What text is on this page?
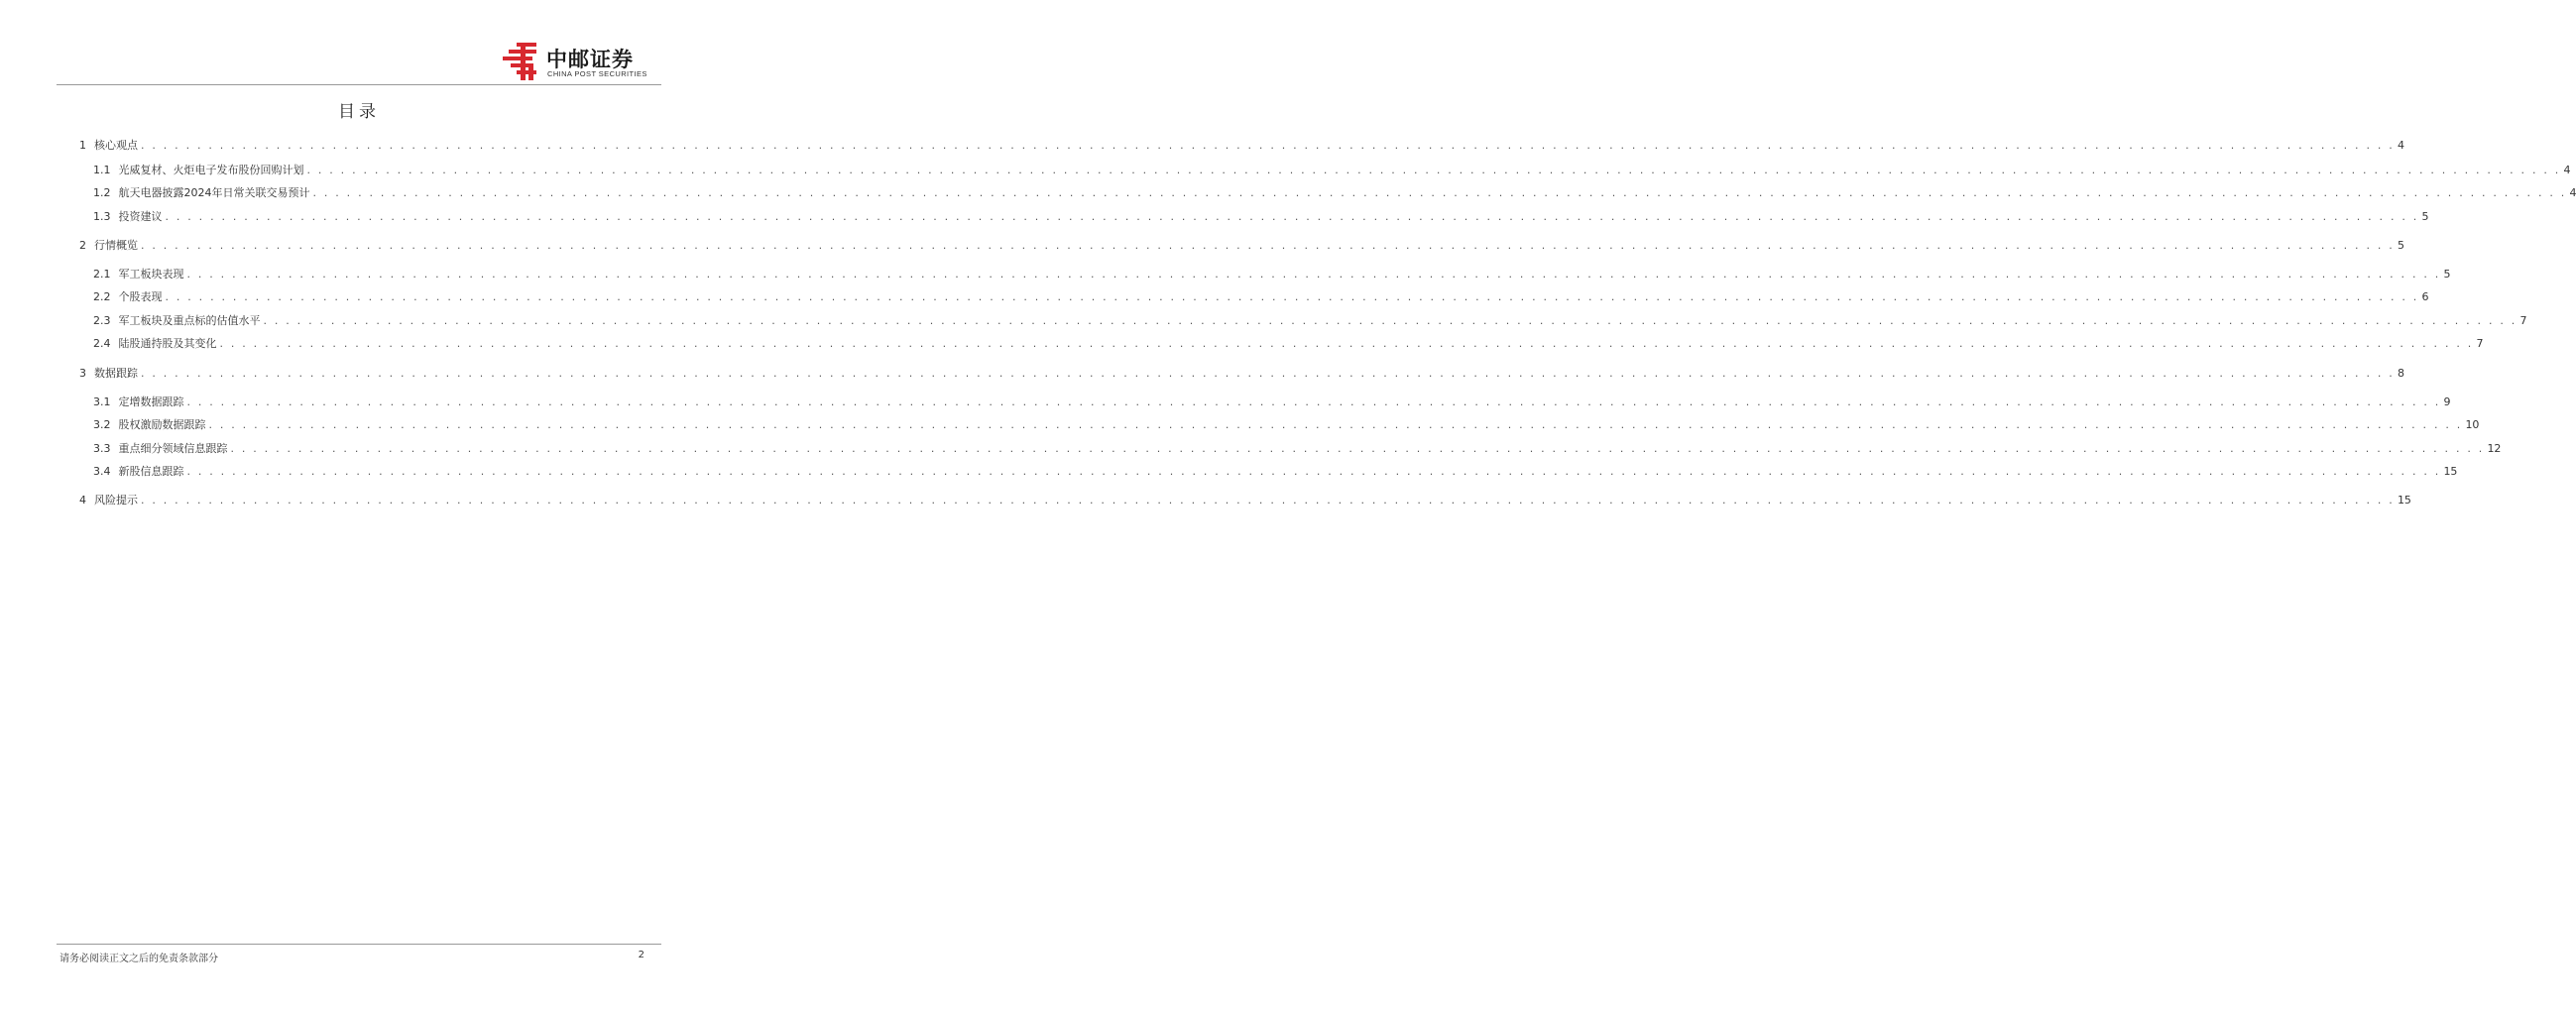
中邮证券
CHINA POST SECURITIES
目录
1 核心观点 . . . . . . . . . . . . . . . . . . . . . . . . . . . . . . . . . . . . . . . . . . . . . . . . . . . . . . . . . . . . . . . . . . . . . . . . . . . . . . . . . . . . . . . . . . . . . . . . . . . . . . . . . . . . . . . . . . . . . . . . . . . . . . . . . . . . . . . . . . . . . . . . . . . . . . . . . . . . . . . . . . . . . . . . . . . . . . . . . . . . . . . . . . . . . . . . . . . . . . . . 4
1.1 光威复材、火炬电子发布股份回购计划 . . . . . . . . . . . . . . . . . . . . . . . . . . . . . . . . . . . . . . . . . . . . . . . . . . . . . . . . . . . . . . . . . . . . . . . . . . . . . . . . . . . . . . . . . . . . . . . . . . . . . . . . . . . . . . . . . . . . . . . . . . . . . . . . . . . . . . . . . . . . . . . . . . . . . . . . . . . . . . . . . . . . . . . . . . . . . . . . . . . . . . . . . . . . . . . . . . . . . . . . 4
1.2 航天电器披露2024年日常关联交易预计 . . . . . . . . . . . . . . . . . . . . . . . . . . . . . . . . . . . . . . . . . . . . . . . . . . . . . . . . . . . . . . . . . . . . . . . . . . . . . . . . . . . . . . . . . . . . . . . . . . . . . . . . . . . . . . . . . . . . . . . . . . . . . . . . . . . . . . . . . . . . . . . . . . . . . . . . . . . . . . . . . . . . . . . . . . . . . . . . . . . . . . . . . . . . . . . . . . . . . . . . 4
1.3 投资建议 . . . . . . . . . . . . . . . . . . . . . . . . . . . . . . . . . . . . . . . . . . . . . . . . . . . . . . . . . . . . . . . . . . . . . . . . . . . . . . . . . . . . . . . . . . . . . . . . . . . . . . . . . . . . . . . . . . . . . . . . . . . . . . . . . . . . . . . . . . . . . . . . . . . . . . . . . . . . . . . . . . . . . . . . . . . . . . . . . . . . . . . . . . . . . . . . . . . . . . . . 5
2 行情概览 . . . . . . . . . . . . . . . . . . . . . . . . . . . . . . . . . . . . . . . . . . . . . . . . . . . . . . . . . . . . . . . . . . . . . . . . . . . . . . . . . . . . . . . . . . . . . . . . . . . . . . . . . . . . . . . . . . . . . . . . . . . . . . . . . . . . . . . . . . . . . . . . . . . . . . . . . . . . . . . . . . . . . . . . . . . . . . . . . . . . . . . . . . . . . . . . . . . . . . . . 5
2.1 军工板块表现 . . . . . . . . . . . . . . . . . . . . . . . . . . . . . . . . . . . . . . . . . . . . . . . . . . . . . . . . . . . . . . . . . . . . . . . . . . . . . . . . . . . . . . . . . . . . . . . . . . . . . . . . . . . . . . . . . . . . . . . . . . . . . . . . . . . . . . . . . . . . . . . . . . . . . . . . . . . . . . . . . . . . . . . . . . . . . . . . . . . . . . . . . . . . . . . . . . . . . . . . 5
2.2 个股表现 . . . . . . . . . . . . . . . . . . . . . . . . . . . . . . . . . . . . . . . . . . . . . . . . . . . . . . . . . . . . . . . . . . . . . . . . . . . . . . . . . . . . . . . . . . . . . . . . . . . . . . . . . . . . . . . . . . . . . . . . . . . . . . . . . . . . . . . . . . . . . . . . . . . . . . . . . . . . . . . . . . . . . . . . . . . . . . . . . . . . . . . . . . . . . . . . . . . . . . . . 6
2.3 军工板块及重点标的估值水平 . . . . . . . . . . . . . . . . . . . . . . . . . . . . . . . . . . . . . . . . . . . . . . . . . . . . . . . . . . . . . . . . . . . . . . . . . . . . . . . . . . . . . . . . . . . . . . . . . . . . . . . . . . . . . . . . . . . . . . . . . . . . . . . . . . . . . . . . . . . . . . . . . . . . . . . . . . . . . . . . . . . . . . . . . . . . . . . . . . . . . . . . . . . . . . . . . . . . . . . . 7
2.4 陆股通持股及其变化 . . . . . . . . . . . . . . . . . . . . . . . . . . . . . . . . . . . . . . . . . . . . . . . . . . . . . . . . . . . . . . . . . . . . . . . . . . . . . . . . . . . . . . . . . . . . . . . . . . . . . . . . . . . . . . . . . . . . . . . . . . . . . . . . . . . . . . . . . . . . . . . . . . . . . . . . . . . . . . . . . . . . . . . . . . . . . . . . . . . . . . . . . . . . . . . . . . . . . . . . 7
3 数据跟踪 . . . . . . . . . . . . . . . . . . . . . . . . . . . . . . . . . . . . . . . . . . . . . . . . . . . . . . . . . . . . . . . . . . . . . . . . . . . . . . . . . . . . . . . . . . . . . . . . . . . . . . . . . . . . . . . . . . . . . . . . . . . . . . . . . . . . . . . . . . . . . . . . . . . . . . . . . . . . . . . . . . . . . . . . . . . . . . . . . . . . . . . . . . . . . . . . . . . . . . . . 8
3.1 定增数据跟踪 . . . . . . . . . . . . . . . . . . . . . . . . . . . . . . . . . . . . . . . . . . . . . . . . . . . . . . . . . . . . . . . . . . . . . . . . . . . . . . . . . . . . . . . . . . . . . . . . . . . . . . . . . . . . . . . . . . . . . . . . . . . . . . . . . . . . . . . . . . . . . . . . . . . . . . . . . . . . . . . . . . . . . . . . . . . . . . . . . . . . . . . . . . . . . . . . . . . . . . . . 9
3.2 股权激励数据跟踪 . . . . . . . . . . . . . . . . . . . . . . . . . . . . . . . . . . . . . . . . . . . . . . . . . . . . . . . . . . . . . . . . . . . . . . . . . . . . . . . . . . . . . . . . . . . . . . . . . . . . . . . . . . . . . . . . . . . . . . . . . . . . . . . . . . . . . . . . . . . . . . . . . . . . . . . . . . . . . . . . . . . . . . . . . . . . . . . . . . . . . . . . . . . . . . . . . . . . . . . . 10
3.3 重点细分领域信息跟踪 . . . . . . . . . . . . . . . . . . . . . . . . . . . . . . . . . . . . . . . . . . . . . . . . . . . . . . . . . . . . . . . . . . . . . . . . . . . . . . . . . . . . . . . . . . . . . . . . . . . . . . . . . . . . . . . . . . . . . . . . . . . . . . . . . . . . . . . . . . . . . . . . . . . . . . . . . . . . . . . . . . . . . . . . . . . . . . . . . . . . . . . . . . . . . . . . . . . . . . . . 12
3.4 新股信息跟踪 . . . . . . . . . . . . . . . . . . . . . . . . . . . . . . . . . . . . . . . . . . . . . . . . . . . . . . . . . . . . . . . . . . . . . . . . . . . . . . . . . . . . . . . . . . . . . . . . . . . . . . . . . . . . . . . . . . . . . . . . . . . . . . . . . . . . . . . . . . . . . . . . . . . . . . . . . . . . . . . . . . . . . . . . . . . . . . . . . . . . . . . . . . . . . . . . . . . . . . . . 15
4 风险提示 . . . . . . . . . . . . . . . . . . . . . . . . . . . . . . . . . . . . . . . . . . . . . . . . . . . . . . . . . . . . . . . . . . . . . . . . . . . . . . . . . . . . . . . . . . . . . . . . . . . . . . . . . . . . . . . . . . . . . . . . . . . . . . . . . . . . . . . . . . . . . . . . . . . . . . . . . . . . . . . . . . . . . . . . . . . . . . . . . . . . . . . . . . . . . . . . . . . . . . . . 15
请务必阅读正文之后的免责条款部分	2
